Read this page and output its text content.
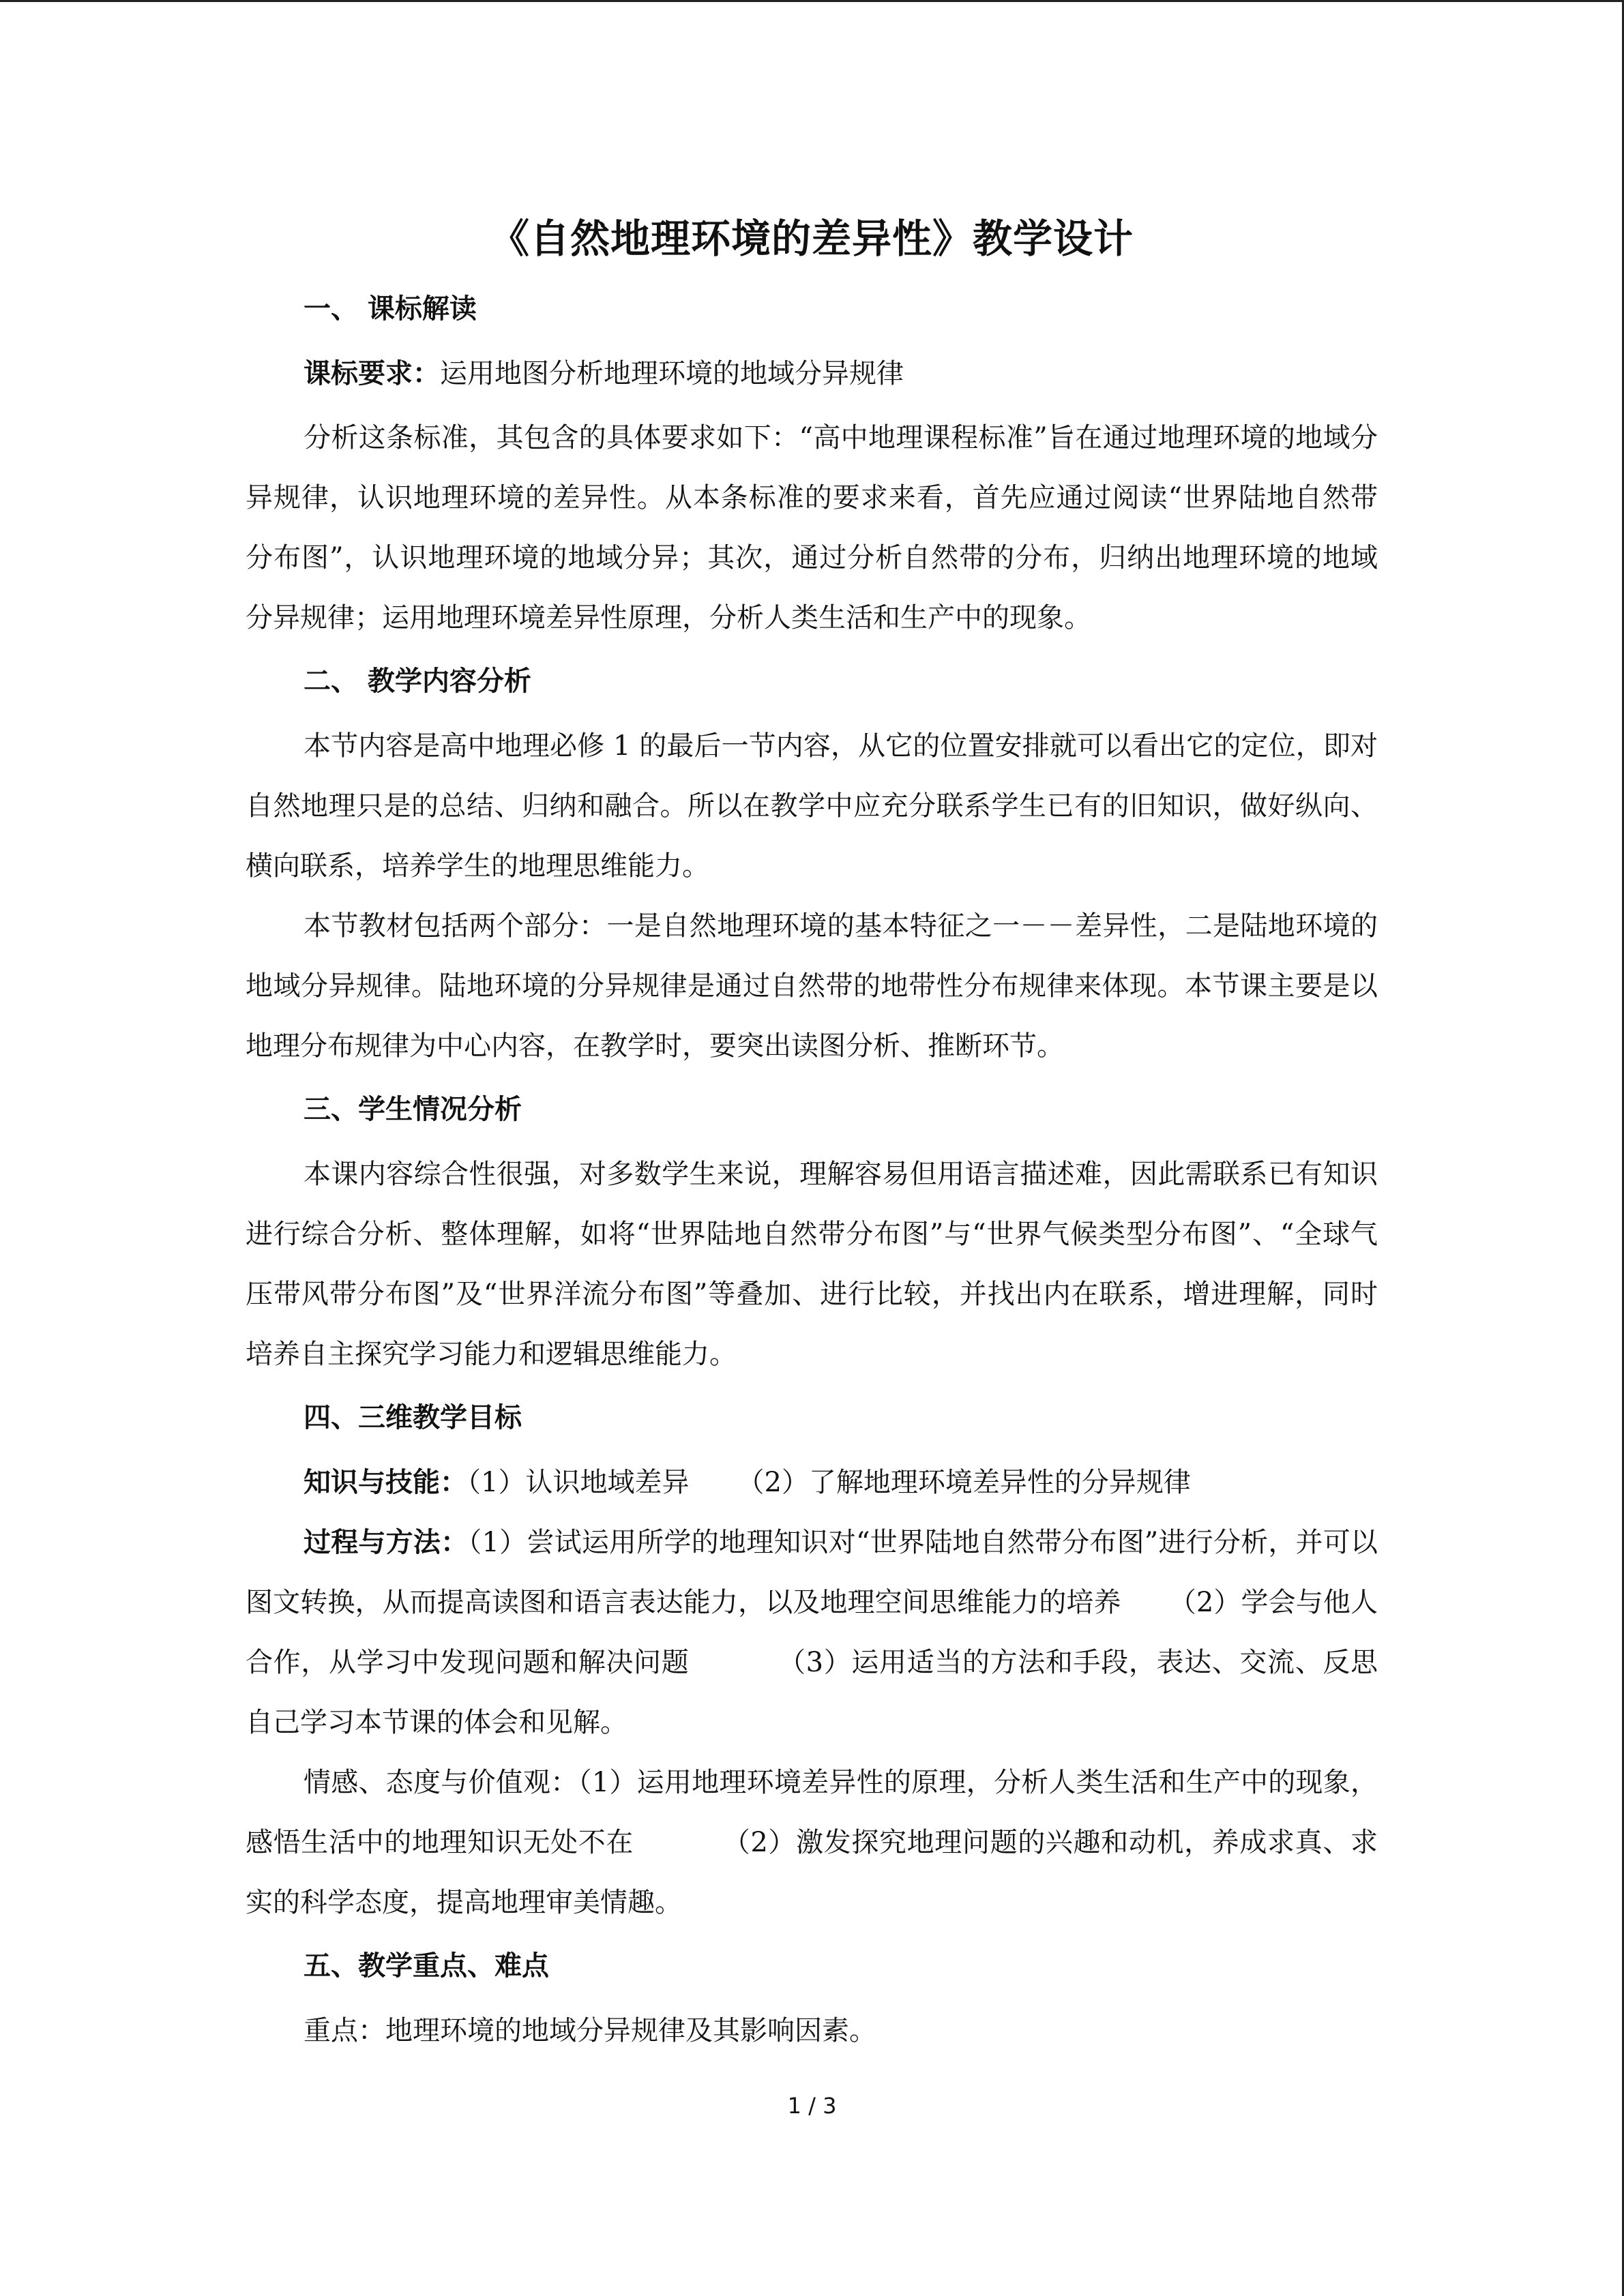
《自然地理环境的差异性》教学设计
一、 课标解读

课标要求：运用地图分析地理环境的地域分异规律

分析这条标准，其包含的具体要求如下：“高中地理课程标准”旨在通过地理环境的地域分异规律，认识地理环境的差异性。从本条标准的要求来看，首先应通过阅读“世界陆地自然带分布图”，认识地理环境的地域分异；其次，通过分析自然带的分布，归纳出地理环境的地域分异规律；运用地理环境差异性原理，分析人类生活和生产中的现象。

二、 教学内容分析

本节内容是高中地理必修 1 的最后一节内容，从它的位置安排就可以看出它的定位，即对自然地理只是的总结、归纳和融合。所以在教学中应充分联系学生已有的旧知识，做好纵向、横向联系，培养学生的地理思维能力。

本节教材包括两个部分：一是自然地理环境的基本特征之一－－差异性，二是陆地环境的地域分异规律。陆地环境的分异规律是通过自然带的地带性分布规律来体现。本节课主要是以地理分布规律为中心内容，在教学时，要突出读图分析、推断环节。

三、学生情况分析

本课内容综合性很强，对多数学生来说，理解容易但用语言描述难，因此需联系已有知识进行综合分析、整体理解，如将“世界陆地自然带分布图”与“世界气候类型分布图”、“全球气压带风带分布图”及“世界洋流分布图”等叠加、进行比较，并找出内在联系，增进理解，同时培养自主探究学习能力和逻辑思维能力。

四、三维教学目标

知识与技能：（1）认识地域差异 （2）了解地理环境差异性的分异规律

过程与方法：（1）尝试运用所学的地理知识对“世界陆地自然带分布图”进行分析，并可以图文转换，从而提高读图和语言表达能力，以及地理空间思维能力的培养 （2）学会与他人合作，从学习中发现问题和解决问题	（3）运用适当的方法和手段，表达、交流、反思自己学习本节课的体会和见解。

情感、态度与价值观：（1）运用地理环境差异性的原理，分析人类生活和生产中的现象，感悟生活中的地理知识无处不在	（2）激发探究地理问题的兴趣和动机，养成求真、求实的科学态度，提高地理审美情趣。

五、教学重点、难点

重点：地理环境的地域分异规律及其影响因素。

1 / 3
